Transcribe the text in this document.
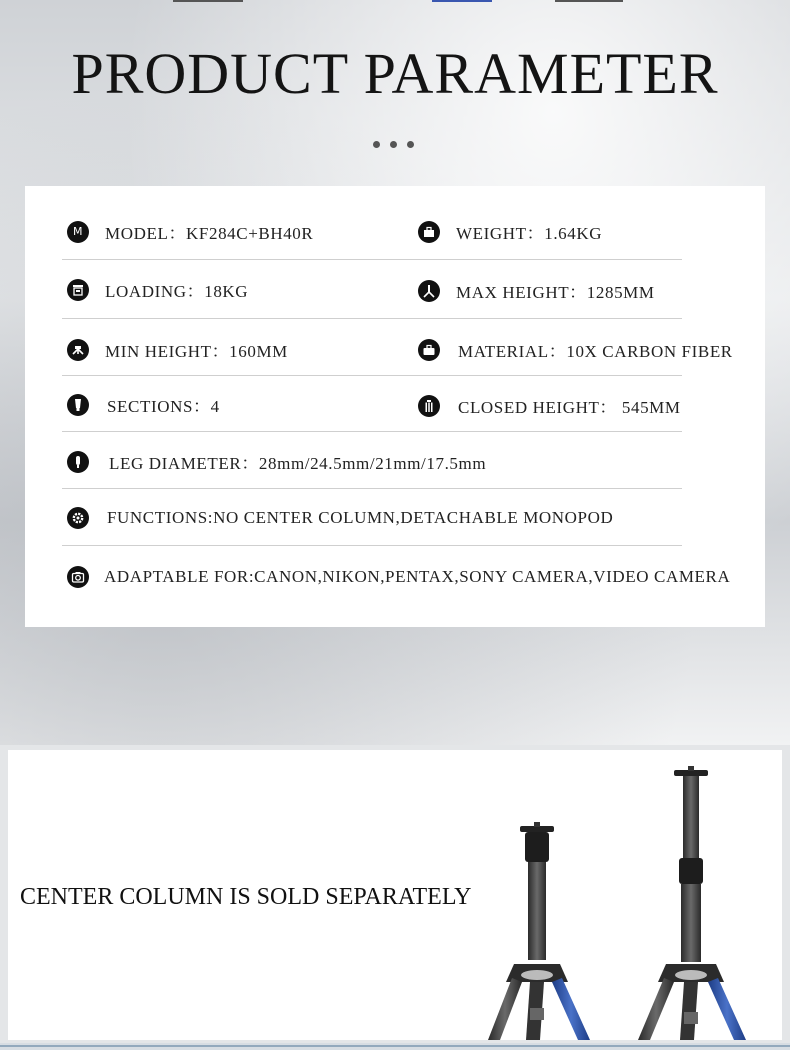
PRODUCT PARAMETER
M	MODEL：KF284C+BH40R	WEIGHT：1.64KG
LOADING：18KG	MAX HEIGHT：1285MM
MIN HEIGHT：160MM	MATERIAL：10X CARBON FIBER
SECTIONS：4	CLOSED HEIGHT： 545MM
LEG DIAMETER：28mm/24.5mm/21mm/17.5mm
FUNCTIONS:NO CENTER COLUMN,DETACHABLE MONOPOD
ADAPTABLE FOR:CANON,NIKON,PENTAX,SONY CAMERA,VIDEO CAMERA
CENTER COLUMN IS SOLD SEPARATELY
